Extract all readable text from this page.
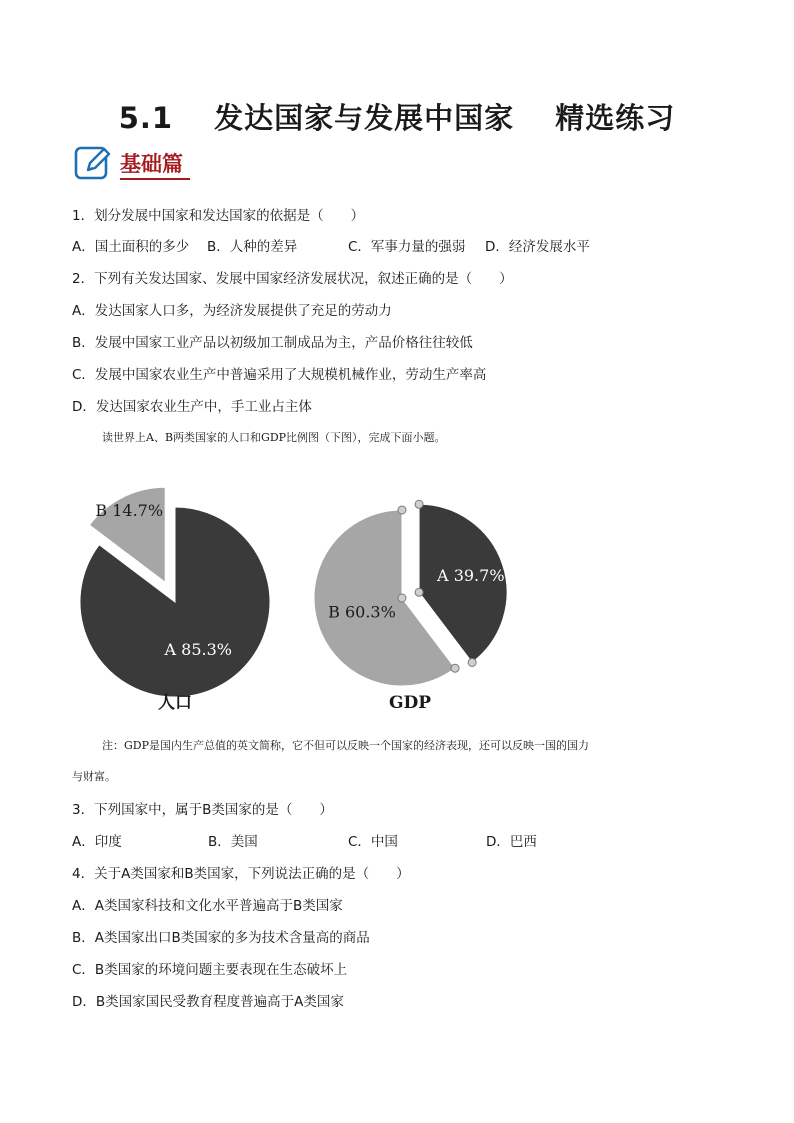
5.1　 发达国家与发展中国家　 精选练习
基础篇
1．划分发展中国家和发达国家的依据是（　　）
A．国土面积的多少 B．人种的差异	C．军事力量的强弱 D．经济发展水平
2．下列有关发达国家、发展中国家经济发展状况，叙述正确的是（　　）
A．发达国家人口多，为经济发展提供了充足的劳动力
B．发展中国家工业产品以初级加工制成品为主，产品价格往往较低
C．发展中国家农业生产中普遍采用了大规模机械作业，劳动生产率高
D．发达国家农业生产中，手工业占主体
读世界上A、B两类国家的人口和GDP比例图（下图），完成下面小题。
A 85.3%
B 14.7%
人口
A 39.7%
B 60.3%
GDP
注：GDP是国内生产总值的英文简称，它不但可以反映一个国家的经济表现，还可以反映一国的国力
与财富。
3．下列国家中，属于B类国家的是（　　）
A．印度	B．美国	C．中国	D．巴西
4．关于A类国家和B类国家，下列说法正确的是（　　）
A．A类国家科技和文化水平普遍高于B类国家
B．A类国家出口B类国家的多为技术含量高的商品
C．B类国家的环境问题主要表现在生态破坏上
D．B类国家国民受教育程度普遍高于A类国家
